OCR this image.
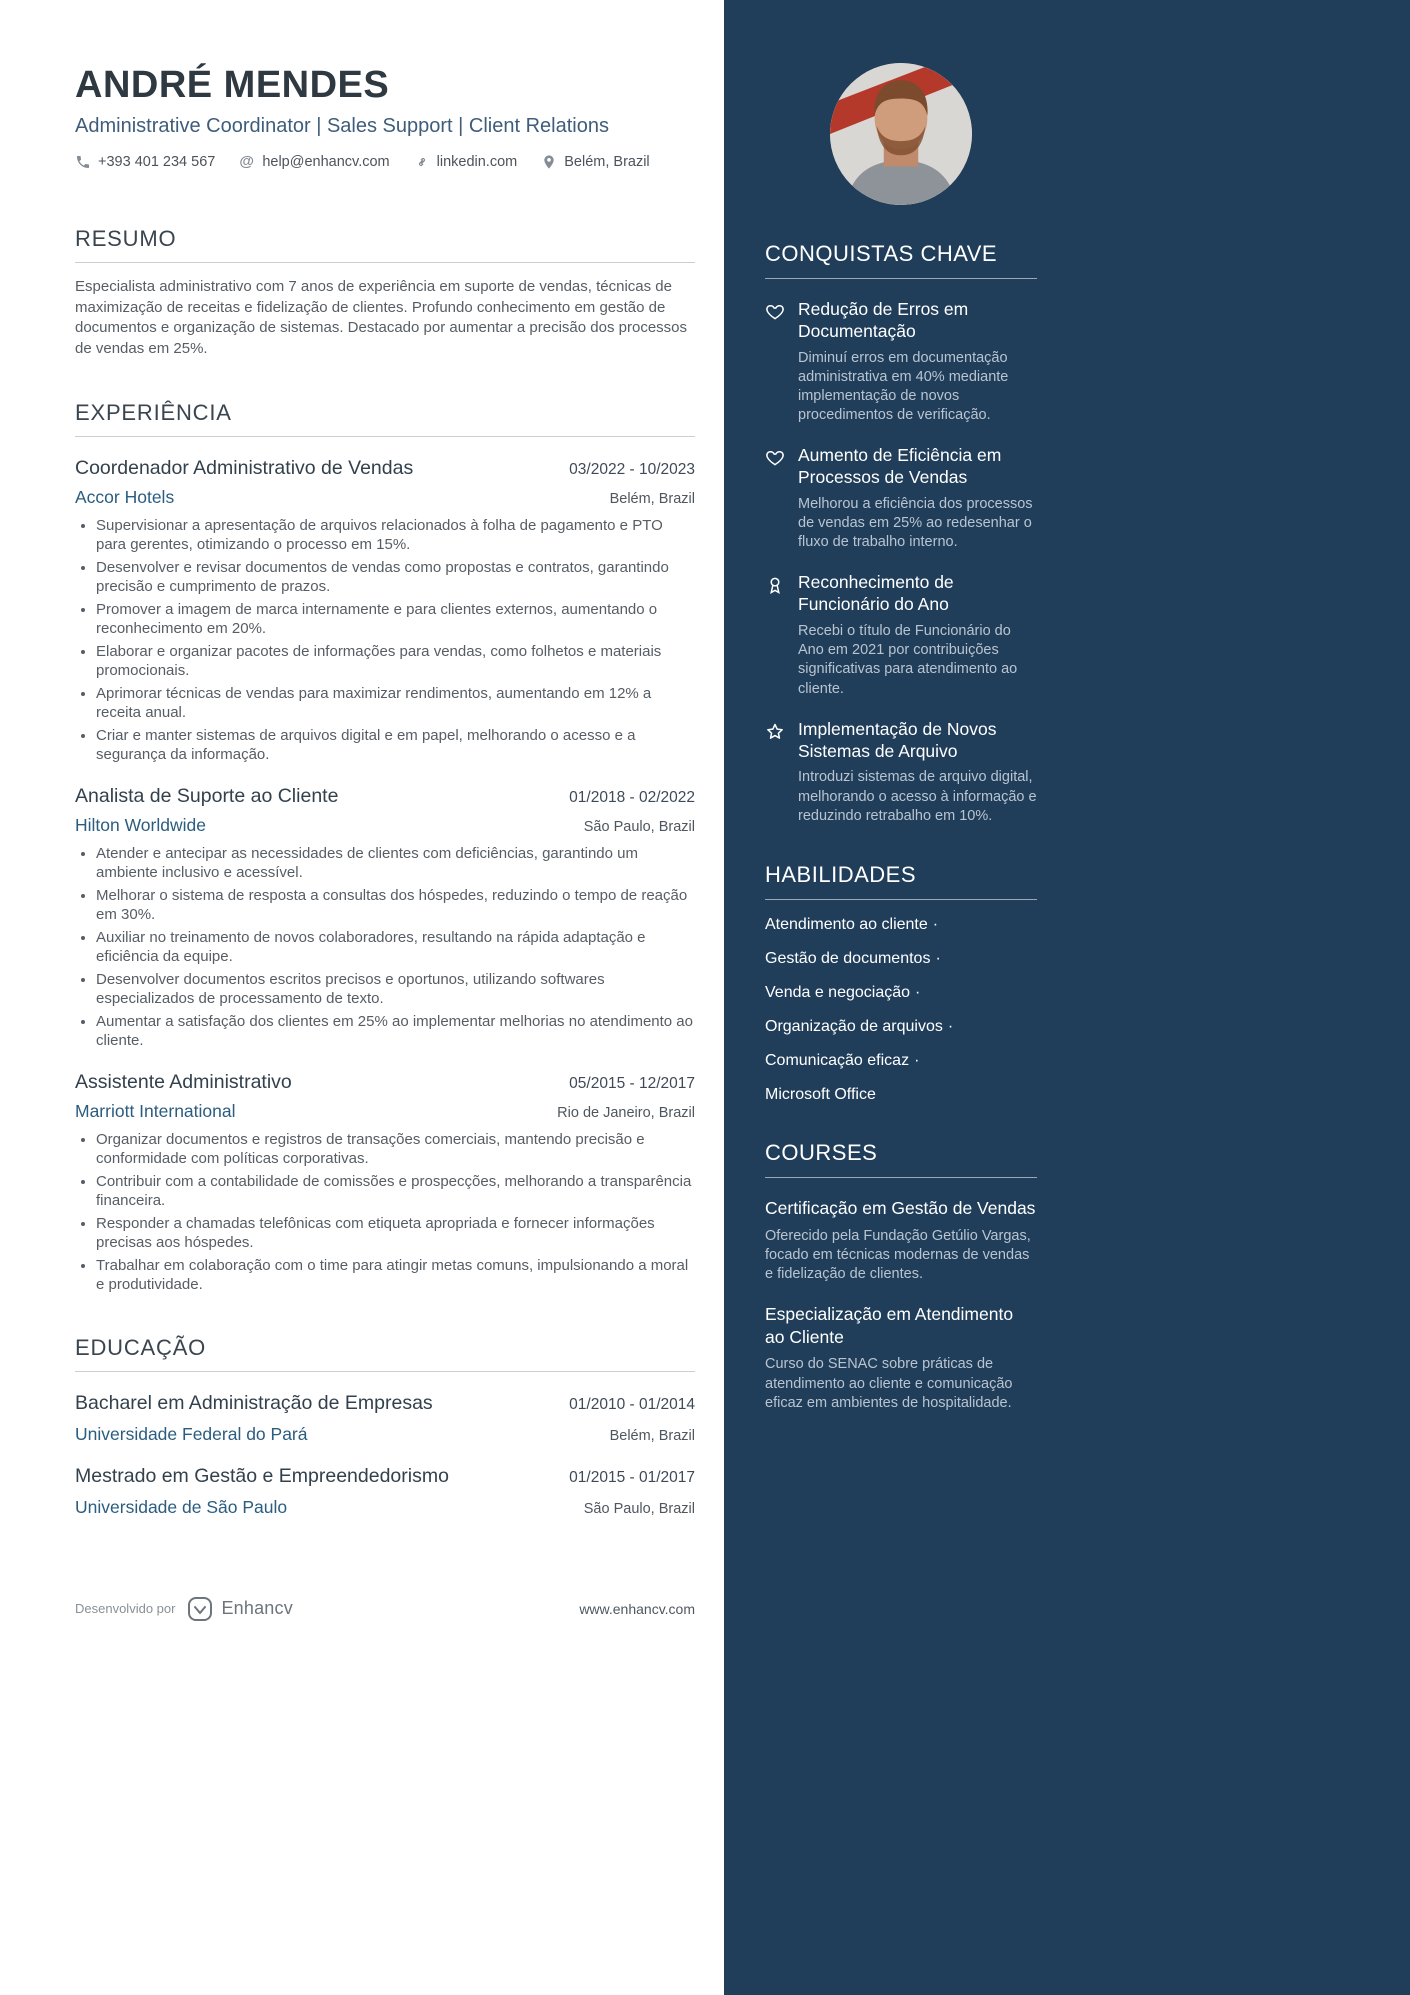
ANDRÉ MENDES
Administrative Coordinator | Sales Support | Client Relations
+393 401 234 567 @ help@enhancv.com	linkedin.com	Belém, Brazil
RESUMO
Especialista administrativo com 7 anos de experiência em suporte de vendas, técnicas de maximização de receitas e fidelização de clientes. Profundo conhecimento em gestão de documentos e organização de sistemas. Destacado por aumentar a precisão dos processos de vendas em 25%.
EXPERIÊNCIA
Coordenador Administrativo de Vendas	03/2022 - 10/2023
Accor Hotels	Belém, Brazil
• Supervisionar a apresentação de arquivos relacionados à folha de pagamento e PTO para gerentes, otimizando o processo em 15%.
• Desenvolver e revisar documentos de vendas como propostas e contratos, garantindo precisão e cumprimento de prazos.
• Promover a imagem de marca internamente e para clientes externos, aumentando o reconhecimento em 20%.
• Elaborar e organizar pacotes de informações para vendas, como folhetos e materiais promocionais.
• Aprimorar técnicas de vendas para maximizar rendimentos, aumentando em 12% a receita anual.
• Criar e manter sistemas de arquivos digital e em papel, melhorando o acesso e a segurança da informação.
Analista de Suporte ao Cliente	01/2018 - 02/2022
Hilton Worldwide	São Paulo, Brazil
• Atender e antecipar as necessidades de clientes com deficiências, garantindo um ambiente inclusivo e acessível.
• Melhorar o sistema de resposta a consultas dos hóspedes, reduzindo o tempo de reação em 30%.
• Auxiliar no treinamento de novos colaboradores, resultando na rápida adaptação e eficiência da equipe.
• Desenvolver documentos escritos precisos e oportunos, utilizando softwares especializados de processamento de texto.
• Aumentar a satisfação dos clientes em 25% ao implementar melhorias no atendimento ao cliente.
Assistente Administrativo	05/2015 - 12/2017
Marriott International	Rio de Janeiro, Brazil
• Organizar documentos e registros de transações comerciais, mantendo precisão e conformidade com políticas corporativas.
• Contribuir com a contabilidade de comissões e prospecções, melhorando a transparência financeira.
• Responder a chamadas telefônicas com etiqueta apropriada e fornecer informações precisas aos hóspedes.
• Trabalhar em colaboração com o time para atingir metas comuns, impulsionando a moral e produtividade.
EDUCAÇÃO
Bacharel em Administração de Empresas	01/2010 - 01/2014
Universidade Federal do Pará	Belém, Brazil
Mestrado em Gestão e Empreendedorismo	01/2015 - 01/2017
Universidade de São Paulo	São Paulo, Brazil
Desenvolvido por	Enhancv	www.enhancv.com
CONQUISTAS CHAVE
Redução de Erros em Documentação
Diminuí erros em documentação administrativa em 40% mediante implementação de novos procedimentos de verificação.
Aumento de Eficiência em Processos de Vendas
Melhorou a eficiência dos processos de vendas em 25% ao redesenhar o fluxo de trabalho interno.
Reconhecimento de Funcionário do Ano
Recebi o título de Funcionário do Ano em 2021 por contribuições significativas para atendimento ao cliente.
Implementação de Novos Sistemas de Arquivo
Introduzi sistemas de arquivo digital, melhorando o acesso à informação e reduzindo retrabalho em 10%.
HABILIDADES
Atendimento ao cliente ·
Gestão de documentos ·
Venda e negociação ·
Organização de arquivos ·
Comunicação eficaz ·
Microsoft Office
COURSES
Certificação em Gestão de Vendas
Oferecido pela Fundação Getúlio Vargas, focado em técnicas modernas de vendas e fidelização de clientes.
Especialização em Atendimento ao Cliente
Curso do SENAC sobre práticas de atendimento ao cliente e comunicação eficaz em ambientes de hospitalidade.
